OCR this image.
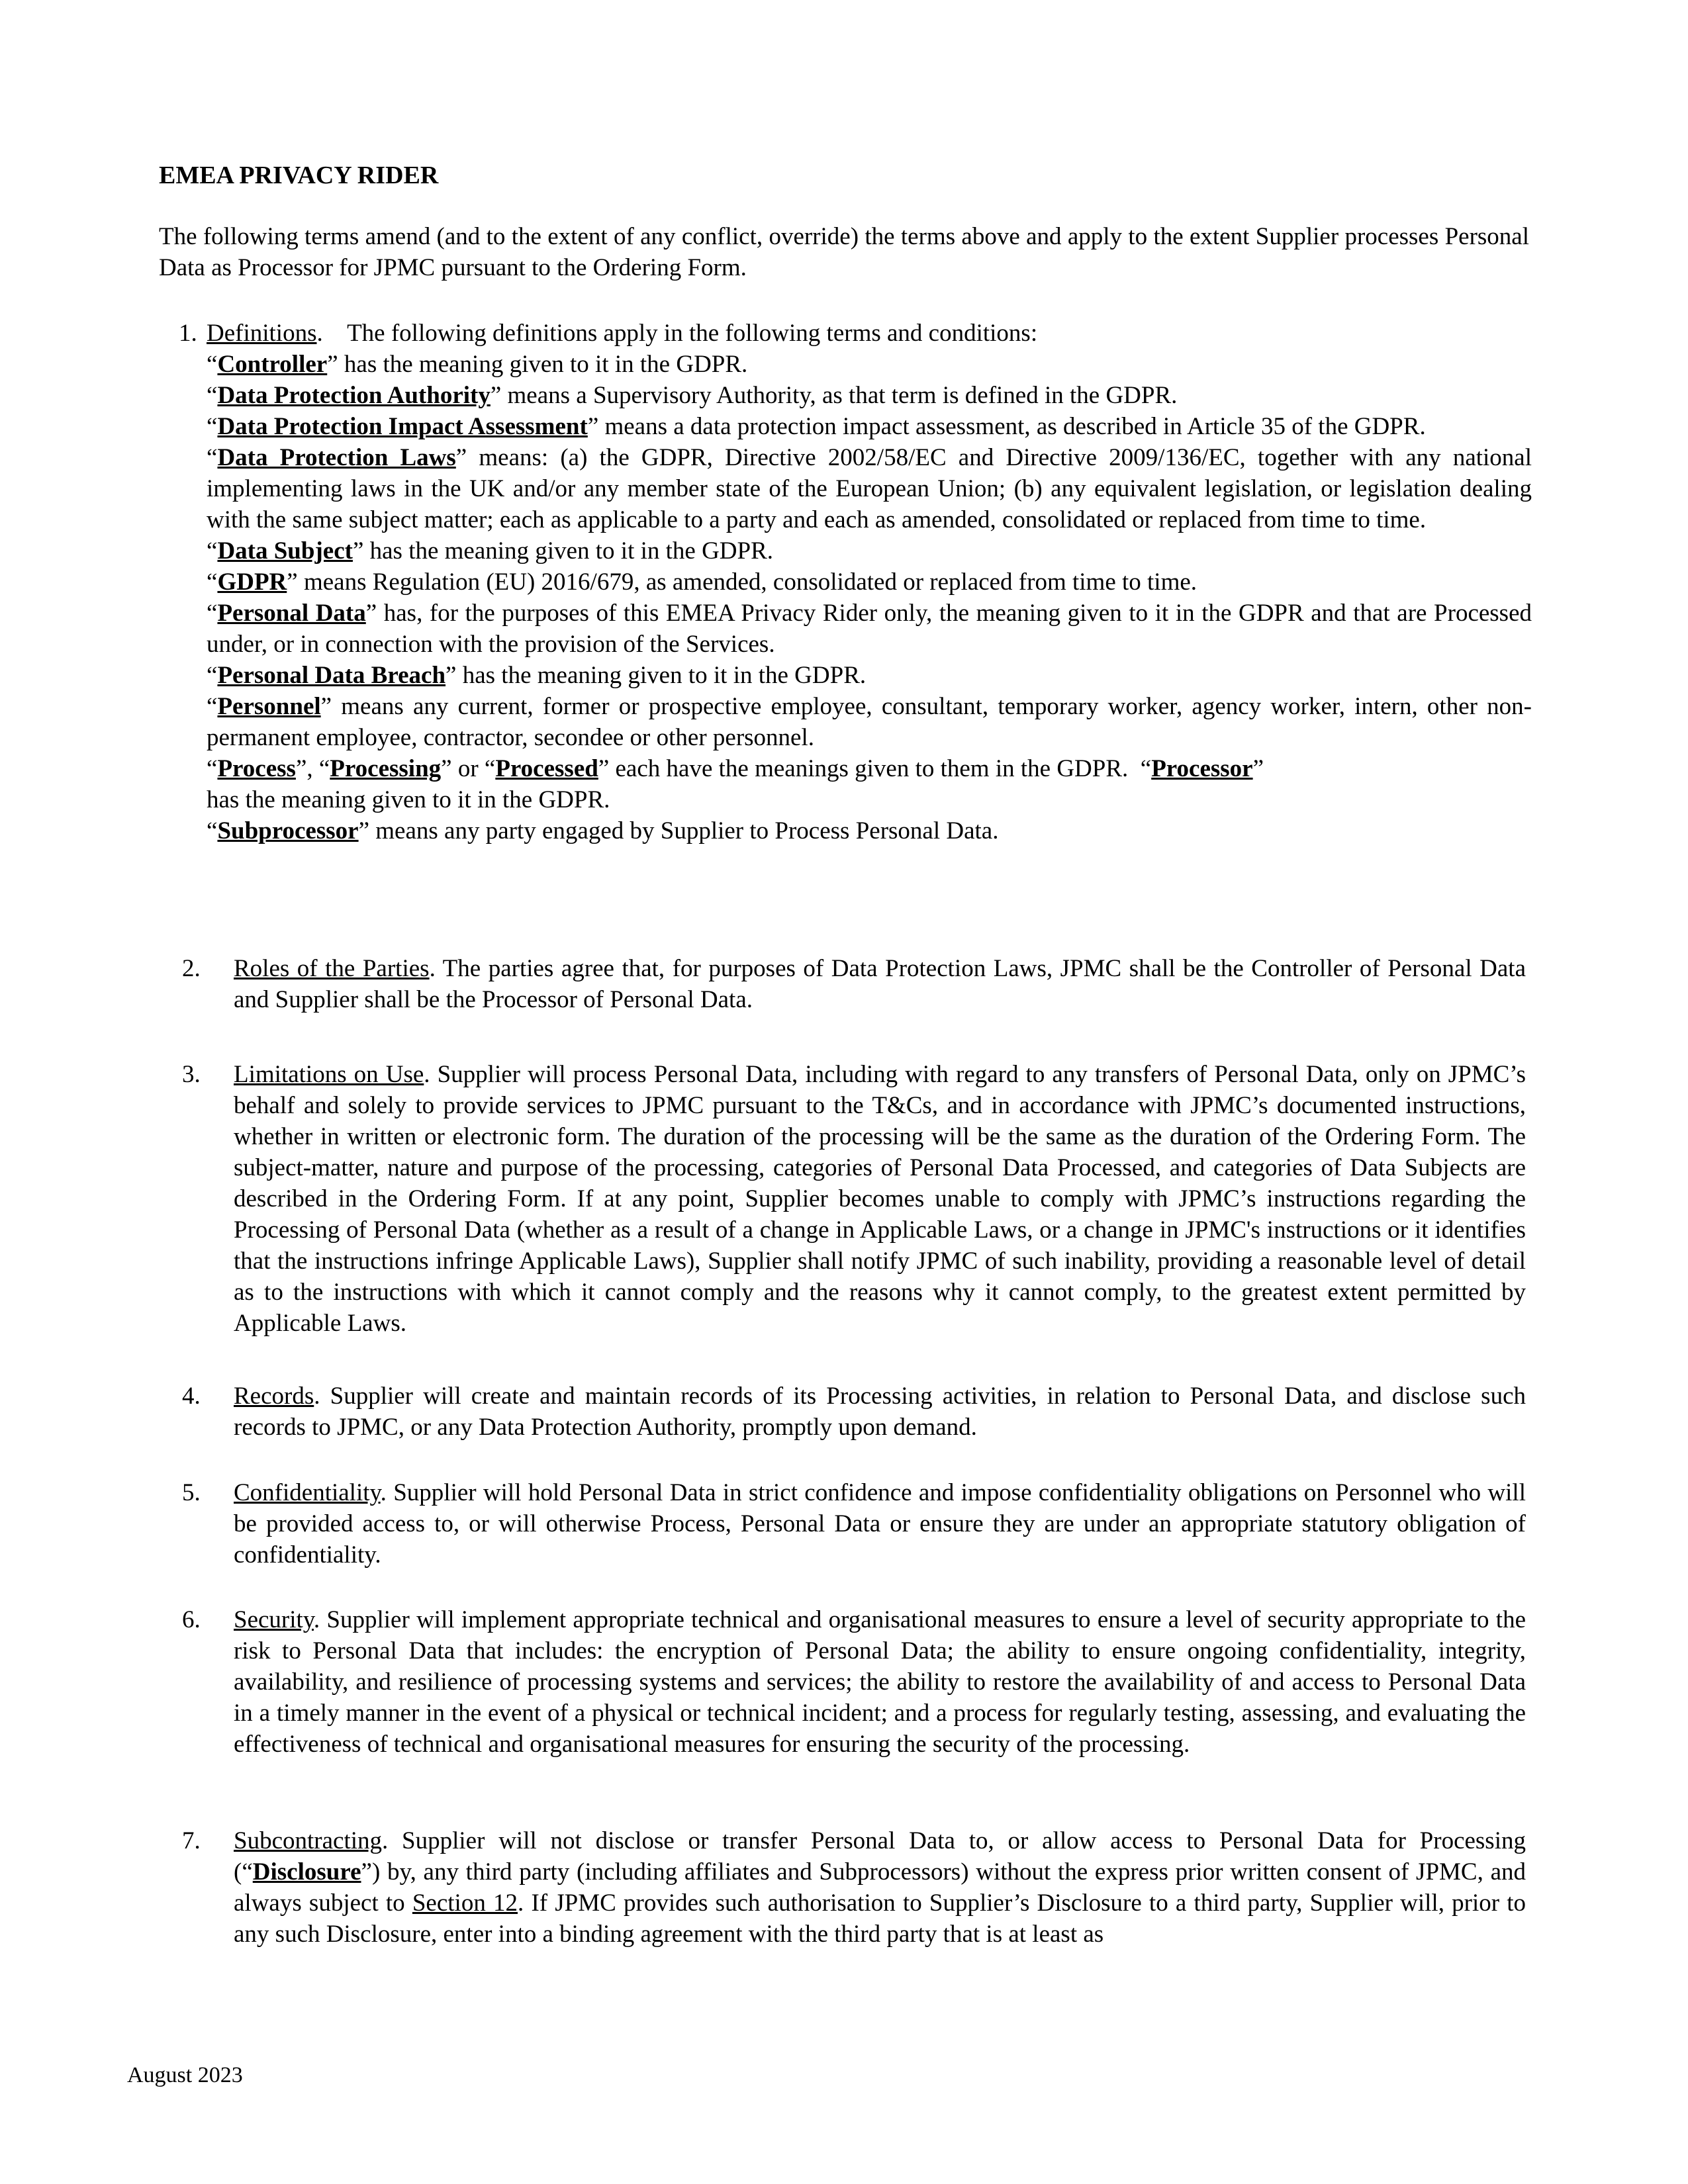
EMEA PRIVACY RIDER

The following terms amend (and to the extent of any conflict, override) the terms above and apply to the extent Supplier processes Personal Data as Processor for JPMC pursuant to the Ordering Form.

1. Definitions.    The following definitions apply in the following terms and conditions:

“Controller” has the meaning given to it in the GDPR.

“Data Protection Authority” means a Supervisory Authority, as that term is defined in the GDPR.

“Data Protection Impact Assessment” means a data protection impact assessment, as described in Article 35 of the GDPR.

“Data Protection Laws” means: (a) the GDPR, Directive 2002/58/EC and Directive 2009/136/EC, together with any national implementing laws in the UK and/or any member state of the European Union; (b) any equivalent legislation, or legislation dealing with the same subject matter; each as applicable to a party and each as amended, consolidated or replaced from time to time.

“Data Subject” has the meaning given to it in the GDPR.

“GDPR” means Regulation (EU) 2016/679, as amended, consolidated or replaced from time to time.

“Personal Data” has, for the purposes of this EMEA Privacy Rider only, the meaning given to it in the GDPR and that are Processed under, or in connection with the provision of the Services.

“Personal Data Breach” has the meaning given to it in the GDPR.

“Personnel” means any current, former or prospective employee, consultant, temporary worker, agency worker, intern, other non-permanent employee, contractor, secondee or other personnel.

“Process”, “Processing” or “Processed” each have the meanings given to them in the GDPR.  “Processor”
has the meaning given to it in the GDPR.

“Subprocessor” means any party engaged by Supplier to Process Personal Data.

2. Roles of the Parties. The parties agree that, for purposes of Data Protection Laws, JPMC shall be the Controller of Personal Data and Supplier shall be the Processor of Personal Data.

3. Limitations on Use. Supplier will process Personal Data, including with regard to any transfers of Personal Data, only on JPMC’s behalf and solely to provide services to JPMC pursuant to the T&Cs, and in accordance with JPMC’s documented instructions, whether in written or electronic form. The duration of the processing will be the same as the duration of the Ordering Form. The subject-matter, nature and purpose of the processing, categories of Personal Data Processed, and categories of Data Subjects are described in the Ordering Form. If at any point, Supplier becomes unable to comply with JPMC’s instructions regarding the Processing of Personal Data (whether as a result of a change in Applicable Laws, or a change in JPMC's instructions or it identifies that the instructions infringe Applicable Laws), Supplier shall notify JPMC of such inability, providing a reasonable level of detail as to the instructions with which it cannot comply and the reasons why it cannot comply, to the greatest extent permitted by Applicable Laws.

4. Records. Supplier will create and maintain records of its Processing activities, in relation to Personal Data, and disclose such records to JPMC, or any Data Protection Authority, promptly upon demand.

5. Confidentiality. Supplier will hold Personal Data in strict confidence and impose confidentiality obligations on Personnel who will be provided access to, or will otherwise Process, Personal Data or ensure they are under an appropriate statutory obligation of confidentiality.

6. Security. Supplier will implement appropriate technical and organisational measures to ensure a level of security appropriate to the risk to Personal Data that includes: the encryption of Personal Data; the ability to ensure ongoing confidentiality, integrity, availability, and resilience of processing systems and services; the ability to restore the availability of and access to Personal Data in a timely manner in the event of a physical or technical incident; and a process for regularly testing, assessing, and evaluating the effectiveness of technical and organisational measures for ensuring the security of the processing.

7. Subcontracting. Supplier will not disclose or transfer Personal Data to, or allow access to Personal Data for Processing (“Disclosure”) by, any third party (including affiliates and Subprocessors) without the express prior written consent of JPMC, and always subject to Section 12. If JPMC provides such authorisation to Supplier’s Disclosure to a third party, Supplier will, prior to any such Disclosure, enter into a binding agreement with the third party that is at least as

August 2023
